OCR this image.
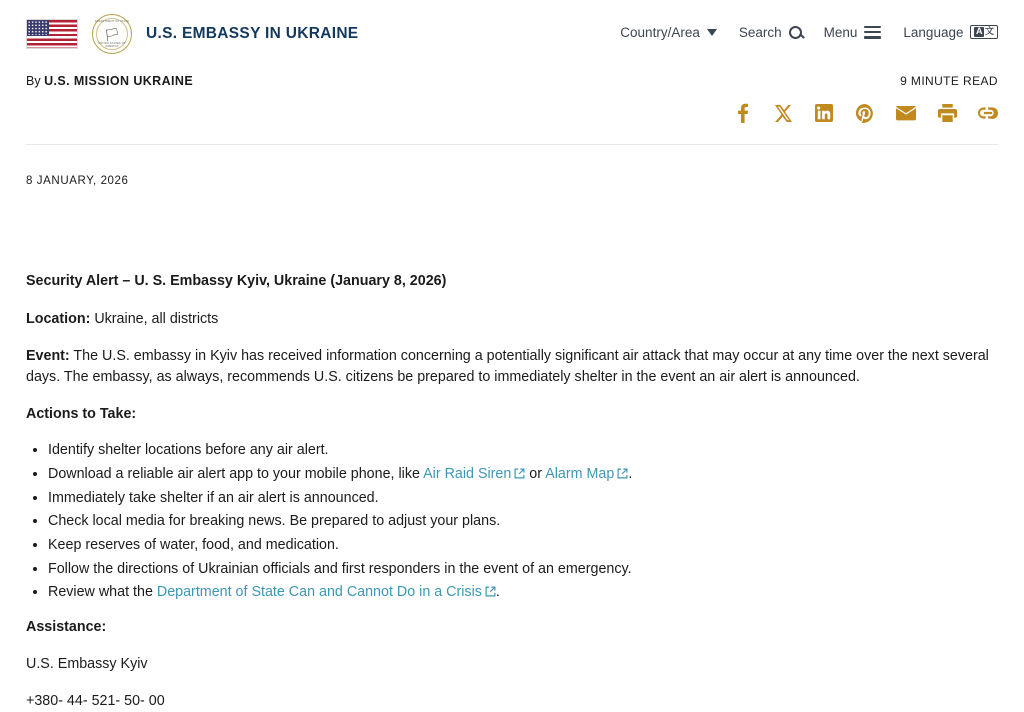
DEPARTMENT OF STATE
🏳
UNITED STATES OF AMERICA
U.S. EMBASSY IN UKRAINE	Country/Area	Search	Menu	Language A 文
By U.S. MISSION UKRAINE	9 MINUTE READ
8 JANUARY, 2026

Security Alert – U. S. Embassy Kyiv, Ukraine (January 8, 2026)

Location: Ukraine, all districts

Event: The U.S. embassy in Kyiv has received information concerning a potentially significant air attack that may occur at any time over the next several days. The embassy, as always, recommends U.S. citizens be prepared to immediately shelter in the event an air alert is announced.

Actions to Take:

• Identify shelter locations before any air alert.
• Download a reliable air alert app to your mobile phone, like Air Raid Siren
or Alarm Map .
• Immediately take shelter if an air alert is announced.
• Check local media for breaking news. Be prepared to adjust your plans.
• Keep reserves of water, food, and medication.
• Follow the directions of Ukrainian officials and first responders in the event of an emergency.
• Review what the Department of State Can and Cannot Do in a Crisis .

Assistance:

U.S. Embassy Kyiv

+380- 44- 521- 50- 00
